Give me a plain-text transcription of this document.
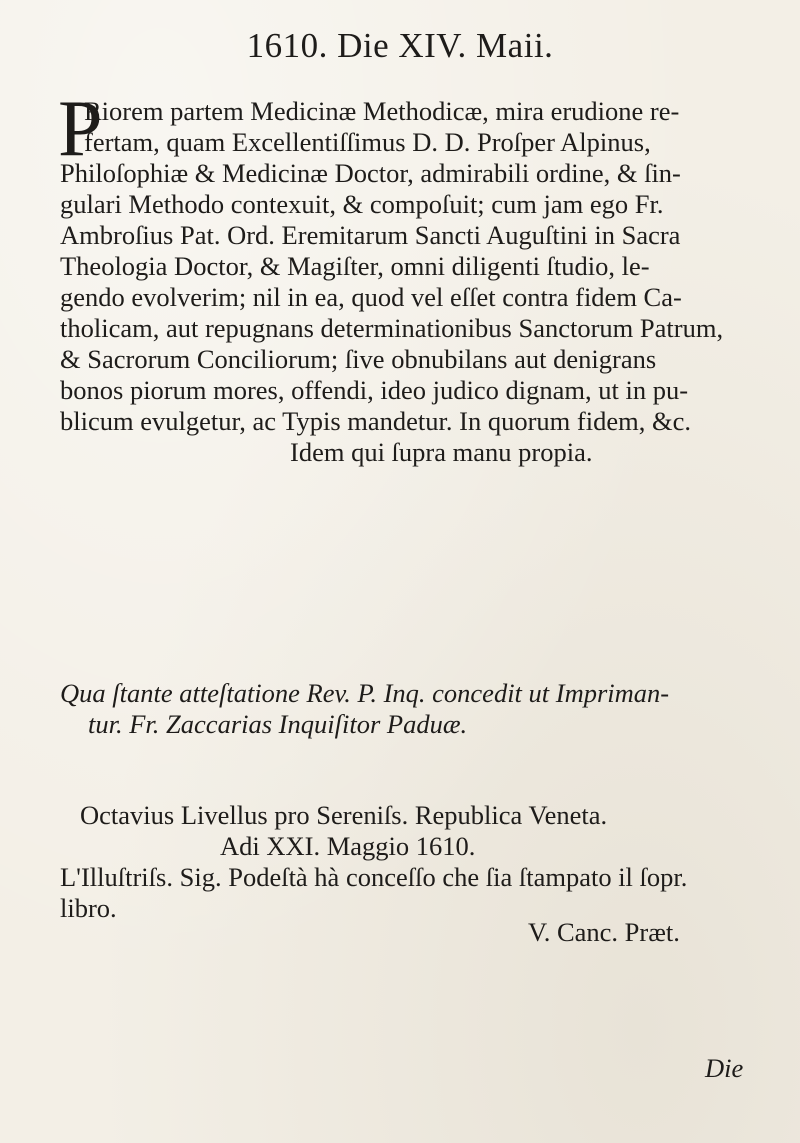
1610. Die XIV. Maii.
P
Riorem partem Medicinæ Methodicæ, mira erudione re-
fertam, quam Excellentiſſimus D. D. Proſper Alpinus,
Philoſophiæ & Medicinæ Doctor, admirabili ordine, & ſin-
gulari Methodo contexuit, & compoſuit; cum jam ego Fr.
Ambroſius Pat. Ord. Eremitarum Sancti Auguſtini in Sacra
Theologia Doctor, & Magiſter, omni diligenti ſtudio, le-
gendo evolverim; nil in ea, quod vel eſſet contra fidem Ca-
tholicam, aut repugnans determinationibus Sanctorum Patrum,
& Sacrorum Conciliorum; ſive obnubilans aut denigrans
bonos piorum mores, offendi, ideo judico dignam, ut in pu-
blicum evulgetur, ac Typis mandetur. In quorum fidem, &c.
Idem qui ſupra manu propia.
Qua ſtante atteſtatione Rev. P. Inq. concedit ut Impriman-
tur. Fr. Zaccarias Inquiſitor Paduæ.
Octavius Livellus pro Sereniſs. Republica Veneta.
Adi XXI. Maggio 1610.
L'Illuſtriſs. Sig. Podeſtà hà conceſſo che ſia ſtampato il ſopr.
libro.
V. Canc. Præt.
Die
